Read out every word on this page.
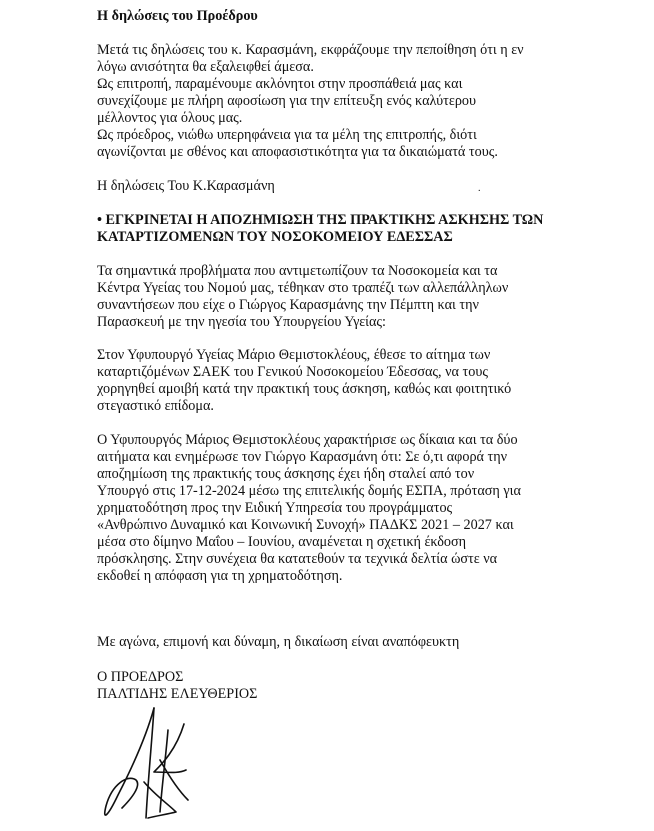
Η δηλώσεις του Προέδρου

Μετά τις δηλώσεις του κ. Καρασμάνη, εκφράζουμε την πεποίθηση ότι η εν
λόγω ανισότητα θα εξαλειφθεί άμεσα.
Ως επιτροπή, παραμένουμε ακλόνητοι στην προσπάθειά μας και
συνεχίζουμε με πλήρη αφοσίωση για την επίτευξη ενός καλύτερου
μέλλοντος για όλους μας.
Ως πρόεδρος, νιώθω υπερηφάνεια για τα μέλη της επιτροπής, διότι
αγωνίζονται με σθένος και αποφασιστικότητα για τα δικαιώματά τους.

Η δηλώσεις Του Κ.Καρασμάνη	.

• ΕΓΚΡΙΝΕΤΑΙ Η ΑΠΟΖΗΜΙΩΣΗ ΤΗΣ ΠΡΑΚΤΙΚΗΣ ΑΣΚΗΣΗΣ ΤΩΝ
ΚΑΤΑΡΤΙΖΟΜΕΝΩΝ ΤΟΥ ΝΟΣΟΚΟΜΕΙΟΥ ΕΔΕΣΣΑΣ

Τα σημαντικά προβλήματα που αντιμετωπίζουν τα Νοσοκομεία και τα
Κέντρα Υγείας του Νομού μας, τέθηκαν στο τραπέζι των αλλεπάλληλων
συναντήσεων που είχε ο Γιώργος Καρασμάνης την Πέμπτη και την
Παρασκευή με την ηγεσία του Υπουργείου Υγείας:

Στον Υφυπουργό Υγείας Μάριο Θεμιστοκλέους, έθεσε το αίτημα των
καταρτιζόμένων ΣΑΕΚ του Γενικού Νοσοκομείου Έδεσσας, να τους
χορηγηθεί αμοιβή κατά την πρακτική τους άσκηση, καθώς και φοιτητικό
στεγαστικό επίδομα.

Ο Υφυπουργός Μάριος Θεμιστοκλέους χαρακτήρισε ως δίκαια και τα δύο
αιτήματα και ενημέρωσε τον Γιώργο Καρασμάνη ότι: Σε ό,τι αφορά την
αποζημίωση της πρακτικής τους άσκησης έχει ήδη σταλεί από τον
Υπουργό στις 17-12-2024 μέσω της επιτελικής δομής ΕΣΠΑ, πρόταση για
χρηματοδότηση προς την Ειδική Υπηρεσία του προγράμματος
«Ανθρώπινο Δυναμικό και Κοινωνική Συνοχή» ΠΑΔΚΣ 2021 – 2027 και
μέσα στο δίμηνο Μαΐου – Ιουνίου, αναμένεται η σχετική έκδοση
πρόσκλησης. Στην συνέχεια θα κατατεθούν τα τεχνικά δελτία ώστε να
εκδοθεί η απόφαση για τη χρηματοδότηση.

Με αγώνα, επιμονή και δύναμη, η δικαίωση είναι αναπόφευκτη

Ο ΠΡΟΕΔΡΟΣ
ΠΑΛΤΙΔΗΣ ΕΛΕΥΘΕΡΙΟΣ
